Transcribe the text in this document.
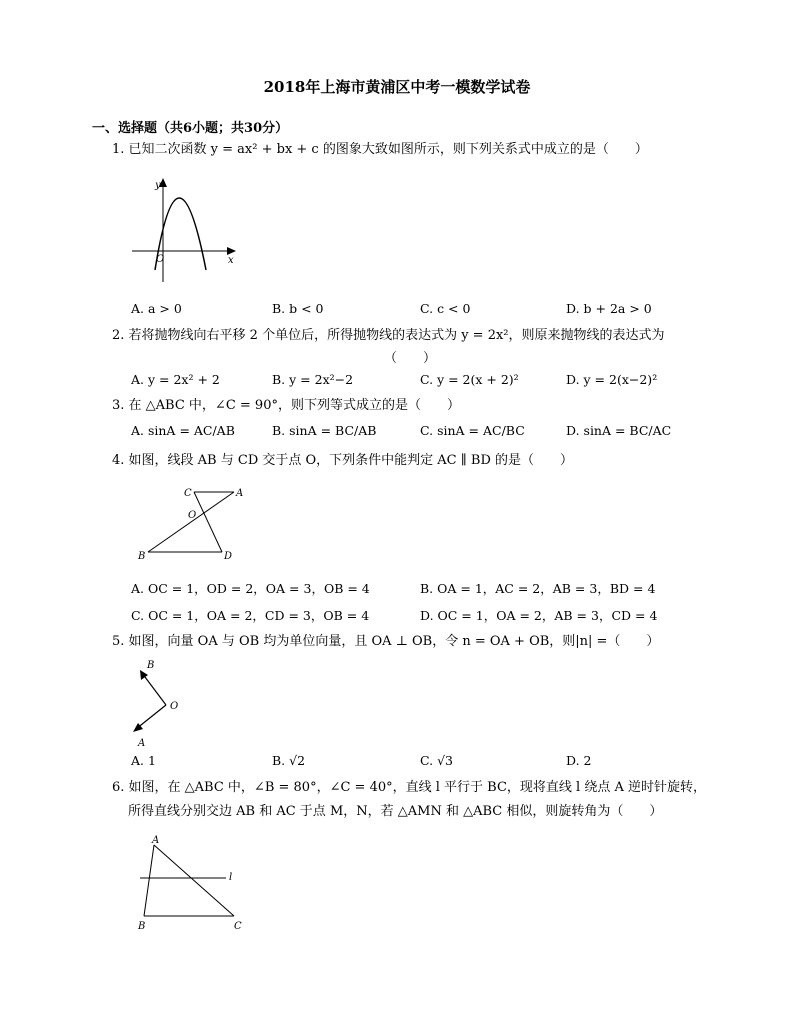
2018年上海市黄浦区中考一模数学试卷
一、选择题（共6小题；共30分）
1. 已知二次函数 y = ax² + bx + c 的图象大致如图所示，则下列关系式中成立的是（　　）
y
x
O
A. a > 0	B. b < 0	C. c < 0	D. b + 2a > 0
2. 若将抛物线向右平移 2 个单位后，所得抛物线的表达式为 y = 2x²，则原来抛物线的表达式为
（　　）
A. y = 2x² + 2	B. y = 2x²−2	C. y = 2(x + 2)²	D. y = 2(x−2)²
3. 在 △ABC 中，∠C = 90°，则下列等式成立的是（　　）
A. sinA = AC/AB	B. sinA = BC/AB	C. sinA = AC/BC	D. sinA = BC/AC
4. 如图，线段 AB 与 CD 交于点 O，下列条件中能判定 AC ∥ BD 的是（　　）
C	A
O
B	D
A. OC = 1，OD = 2，OA = 3，OB = 4	B. OA = 1，AC = 2，AB = 3，BD = 4
C. OC = 1，OA = 2，CD = 3，OB = 4	D. OC = 1，OA = 2，AB = 3，CD = 4
5. 如图，向量 OA 与 OB 均为单位向量，且 OA ⊥ OB，令 n = OA + OB，则|n| =（　　）
B
O
A
A. 1	B. √2	C. √3	D. 2
6. 如图，在 △ABC 中，∠B = 80°，∠C = 40°，直线 l 平行于 BC，现将直线 l 绕点 A 逆时针旋转，
所得直线分别交边 AB 和 AC 于点 M，N，若 △AMN 和 △ABC 相似，则旋转角为（　　）
A
l
B	C
